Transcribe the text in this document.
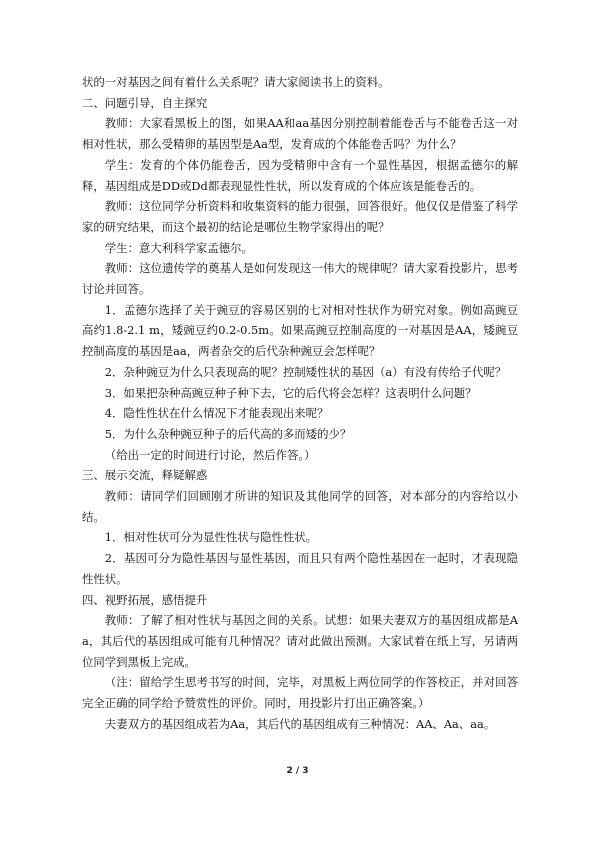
状的一对基因之间有着什么关系呢？请大家阅读书上的资料。

二、问题引导，自主探究

教师：大家看黑板上的图，如果AA和aa基因分别控制着能卷舌与不能卷舌这一对相对性状，那么受精卵的基因型是Aa型，发育成的个体能卷舌吗？为什么？

学生：发育的个体仍能卷舌，因为受精卵中含有一个显性基因，根据孟德尔的解释，基因组成是DD或Dd都表现显性性状，所以发育成的个体应该是能卷舌的。

教师：这位同学分析资料和收集资料的能力很强，回答很好。他仅仅是借鉴了科学家的研究结果，而这个最初的结论是哪位生物学家得出的呢？

学生：意大利科学家孟德尔。

教师：这位遗传学的奠基人是如何发现这一伟大的规律呢？请大家看投影片，思考讨论并回答。

1．孟德尔选择了关于豌豆的容易区别的七对相对性状作为研究对象。例如高豌豆高约1.8-2.1 m，矮豌豆约0.2-0.5m。如果高豌豆控制高度的一对基因是AA，矮豌豆控制高度的基因是aa，两者杂交的后代杂种豌豆会怎样呢？

2．杂种豌豆为什么只表现高的呢？控制矮性状的基因（a）有没有传给子代呢？

3．如果把杂种高豌豆种子种下去，它的后代将会怎样？这表明什么问题？

4．隐性性状在什么情况下才能表现出来呢？

5．为什么杂种豌豆种子的后代高的多而矮的少？

（给出一定的时间进行讨论，然后作答。）

三、展示交流，释疑解惑

教师：请同学们回顾刚才所讲的知识及其他同学的回答，对本部分的内容给以小结。

1．相对性状可分为显性性状与隐性性状。

2．基因可分为隐性基因与显性基因，而且只有两个隐性基因在一起时，才表现隐性性状。

四、视野拓展，感悟提升

教师：了解了相对性状与基因之间的关系。试想：如果夫妻双方的基因组成都是Aa，其后代的基因组成可能有几种情况？请对此做出预测。大家试着在纸上写，另请两位同学到黑板上完成。

（注：留给学生思考书写的时间，完毕，对黑板上两位同学的作答校正，并对回答完全正确的同学给予赞赏性的评价。同时，用投影片打出正确答案。）

夫妻双方的基因组成若为Aa，其后代的基因组成有三种情况：AA、Aa、aa。

2 / 3
